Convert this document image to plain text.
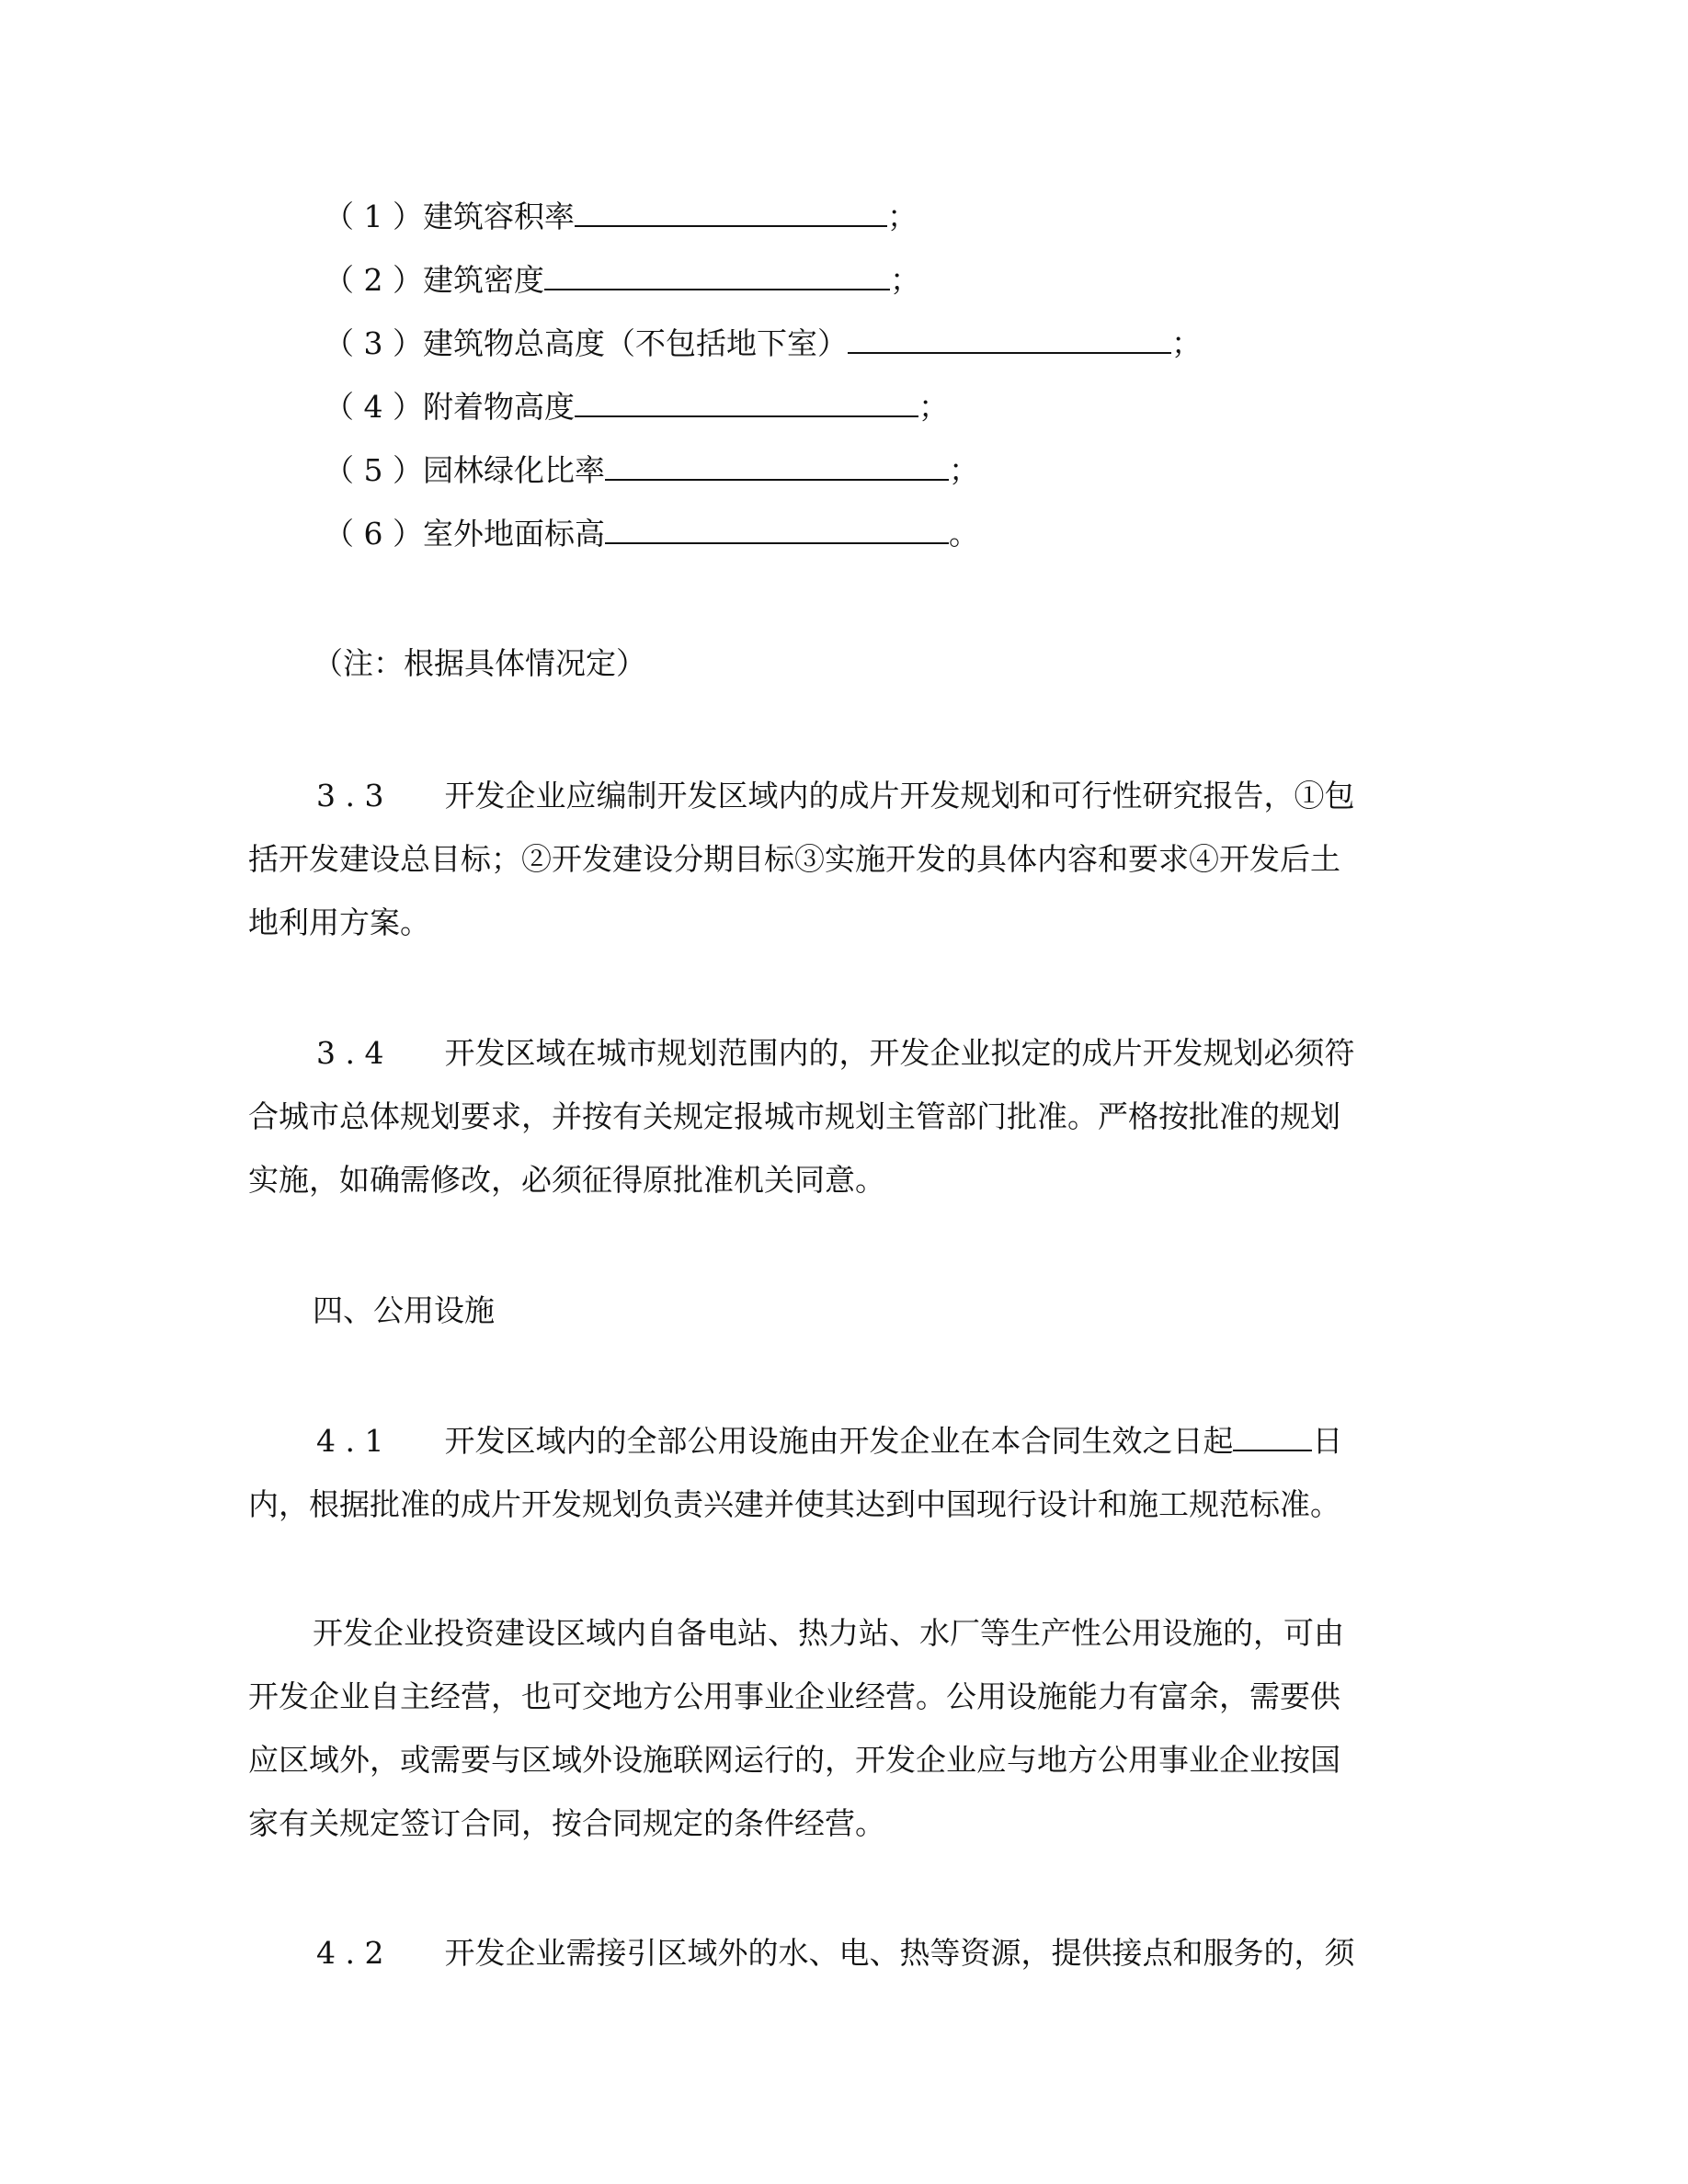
（ 1 ）建筑容积率	；
（ 2 ）建筑密度	；
（ 3 ）建筑物总高度（不包括地下室）	；
（ 4 ）附着物高度	；
（ 5 ）园林绿化比率	；
（ 6 ）室外地面标高	。
（注：根据具体情况定）
3 . 3　　开发企业应编制开发区域内的成片开发规划和可行性研究报告，①包
括开发建设总目标；②开发建设分期目标③实施开发的具体内容和要求④开发后土
地利用方案。
3 . 4　　开发区域在城市规划范围内的，开发企业拟定的成片开发规划必须符
合城市总体规划要求，并按有关规定报城市规划主管部门批准。严格按批准的规划
实施，如确需修改，必须征得原批准机关同意。
四、公用设施
4 . 1　　开发区域内的全部公用设施由开发企业在本合同生效之日起	日
内，根据批准的成片开发规划负责兴建并使其达到中国现行设计和施工规范标准。
开发企业投资建设区域内自备电站、热力站、水厂等生产性公用设施的，可由
开发企业自主经营，也可交地方公用事业企业经营。公用设施能力有富余，需要供
应区域外，或需要与区域外设施联网运行的，开发企业应与地方公用事业企业按国
家有关规定签订合同，按合同规定的条件经营。
4 . 2　　开发企业需接引区域外的水、电、热等资源，提供接点和服务的，须
